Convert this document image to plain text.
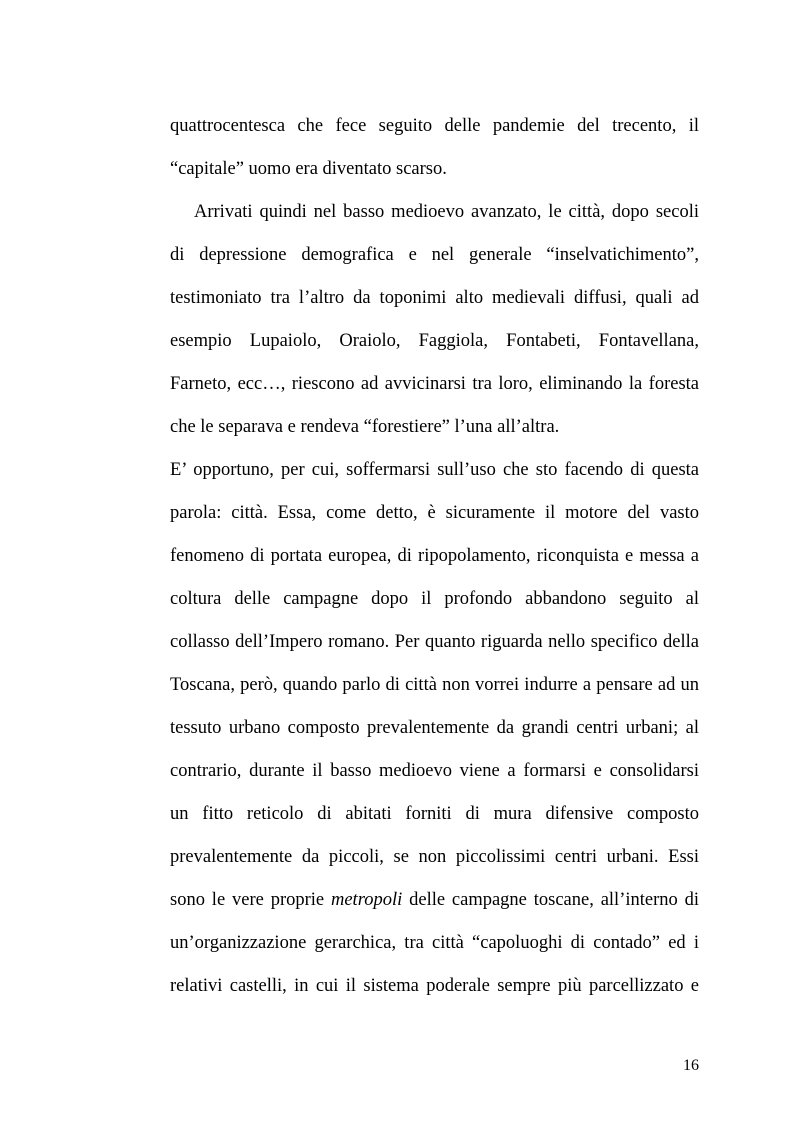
quattrocentesca che fece seguito delle pandemie del trecento, il
“capitale” uomo era diventato scarso.
Arrivati quindi nel basso medioevo avanzato, le città, dopo secoli
di depressione demografica e nel generale “inselvatichimento”,
testimoniato tra l’altro da toponimi alto medievali diffusi, quali ad
esempio Lupaiolo, Oraiolo, Faggiola, Fontabeti, Fontavellana,
Farneto, ecc…, riescono ad avvicinarsi tra loro, eliminando la foresta
che le separava e rendeva “forestiere” l’una all’altra.
E’ opportuno, per cui, soffermarsi sull’uso che sto facendo di questa
parola: città. Essa, come detto, è sicuramente il motore del vasto
fenomeno di portata europea, di ripopolamento, riconquista e messa a
coltura delle campagne dopo il profondo abbandono seguito al
collasso dell’Impero romano. Per quanto riguarda nello specifico della
Toscana, però, quando parlo di città non vorrei indurre a pensare ad un
tessuto urbano composto prevalentemente da grandi centri urbani; al
contrario, durante il basso medioevo viene a formarsi e consolidarsi
un fitto reticolo di abitati forniti di mura difensive composto
prevalentemente da piccoli, se non piccolissimi centri urbani. Essi
sono le vere proprie metropoli delle campagne toscane, all’interno di
un’organizzazione gerarchica, tra città “capoluoghi di contado” ed i
relativi castelli, in cui il sistema poderale sempre più parcellizzato e
16
